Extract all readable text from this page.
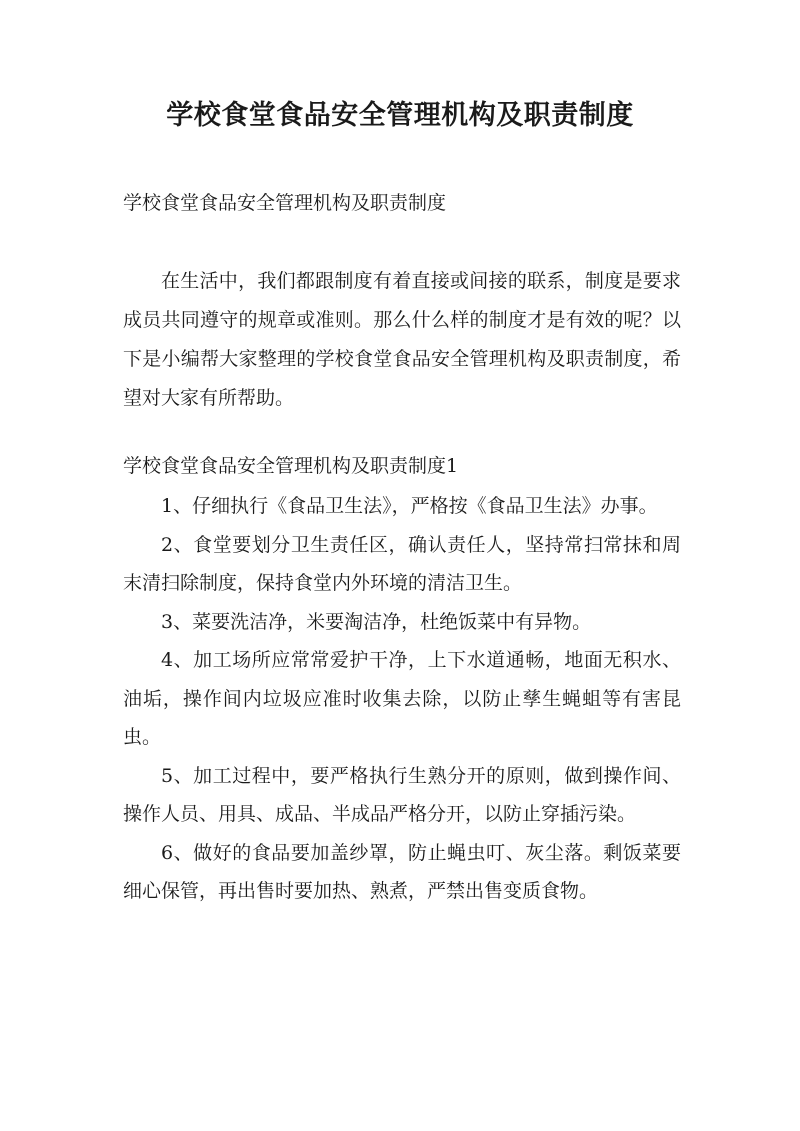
学校食堂食品安全管理机构及职责制度

学校食堂食品安全管理机构及职责制度

在生活中，我们都跟制度有着直接或间接的联系，制度是要求成员共同遵守的规章或准则。那么什么样的制度才是有效的呢？以下是小编帮大家整理的学校食堂食品安全管理机构及职责制度，希望对大家有所帮助。

学校食堂食品安全管理机构及职责制度1

1、仔细执行《食品卫生法》，严格按《食品卫生法》办事。

2、食堂要划分卫生责任区，确认责任人，坚持常扫常抹和周末清扫除制度，保持食堂内外环境的清洁卫生。

3、菜要洗洁净，米要淘洁净，杜绝饭菜中有异物。

4、加工场所应常常爱护干净，上下水道通畅，地面无积水、油垢，操作间内垃圾应准时收集去除，以防止孳生蝇蛆等有害昆虫。

5、加工过程中，要严格执行生熟分开的原则，做到操作间、操作人员、用具、成品、半成品严格分开，以防止穿插污染。

6、做好的食品要加盖纱罩，防止蝇虫叮、灰尘落。剩饭菜要细心保管，再出售时要加热、熟煮，严禁出售变质食物。
